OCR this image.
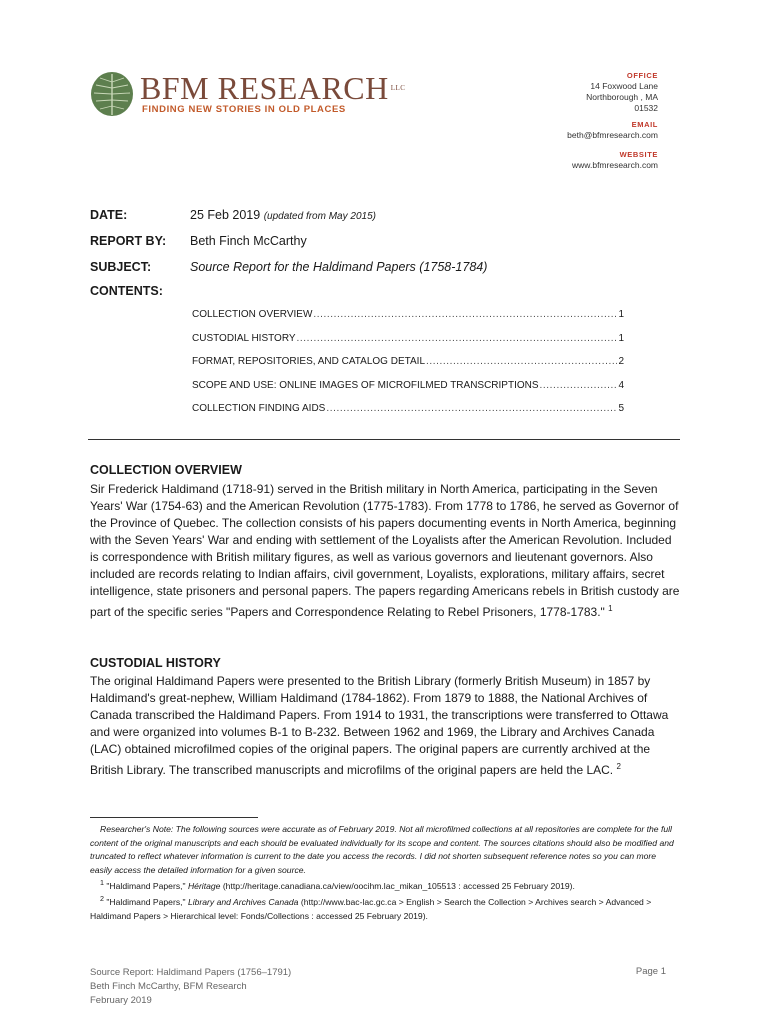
BFM RESEARCH $^{LLC}$
FINDING NEW STORIES IN OLD PLACES
OFFICE
14 Foxwood Lane
Northborough , MA
01532
EMAIL
beth@bfmresearch.com
WEBSITE
www.bfmresearch.com
DATE:	25 Feb 2019 (updated from May 2015)
REPORT BY: Beth Finch McCarthy
SUBJECT:	Source Report for the Haldimand Papers (1758-1784)
CONTENTS:
COLLECTION OVERVIEW .....	1
CUSTODIAL HISTORY .....	1
FORMAT, REPOSITORIES, AND CATALOG DETAIL .....	2
SCOPE AND USE: ONLINE IMAGES OF MICROFILMED TRANSCRIPTIONS .....	4
COLLECTION FINDING AIDS .....	5
COLLECTION OVERVIEW
Sir Frederick Haldimand (1718-91) served in the British military in North America, participating in the Seven Years' War (1754-63) and the American Revolution (1775-1783). From 1778 to 1786, he served as Governor of the Province of Quebec. The collection consists of his papers documenting events in North America, beginning with the Seven Years' War and ending with settlement of the Loyalists after the American Revolution. Included is correspondence with British military figures, as well as various governors and lieutenant governors. Also included are records relating to Indian affairs, civil government, Loyalists, explorations, military affairs, secret intelligence, state prisoners and personal papers. The papers regarding Americans rebels in British custody are part of the specific series "Papers and Correspondence Relating to Rebel Prisoners, 1778-1783." $^1$
CUSTODIAL HISTORY
The original Haldimand Papers were presented to the British Library (formerly British Museum) in 1857 by Haldimand's great-nephew, William Haldimand (1784-1862). From 1879 to 1888, the National Archives of Canada transcribed the Haldimand Papers. From 1914 to 1931, the transcriptions were transferred to Ottawa and were organized into volumes B-1 to B-232. Between 1962 and 1969, the Library and Archives Canada (LAC) obtained microfilmed copies of the original papers. The original papers are currently archived at the British Library. The transcribed manuscripts and microfilms of the original papers are held the LAC. $^2$
Researcher's Note: The following sources were accurate as of February 2019. Not all microfilmed collections at all repositories are complete for the full content of the original manuscripts and each should be evaluated individually for its scope and content. The sources citations should also be modified and truncated to reflect whatever information is current to the date you access the records. I did not shorten subsequent reference notes so you can more easily access the detailed information for a given source.
$^1$ "Haldimand Papers," Héritage (http://heritage.canadiana.ca/view/oocihm.lac_mikan_105513 : accessed 25 February 2019).
$^2$ "Haldimand Papers," Library and Archives Canada (http://www.bac-lac.gc.ca > English > Search the Collection > Archives search > Advanced > Haldimand Papers > Hierarchical level: Fonds/Collections : accessed 25 February 2019).
Source Report: Haldimand Papers (1756–1791)
Beth Finch McCarthy, BFM Research
February 2019
Page 1
